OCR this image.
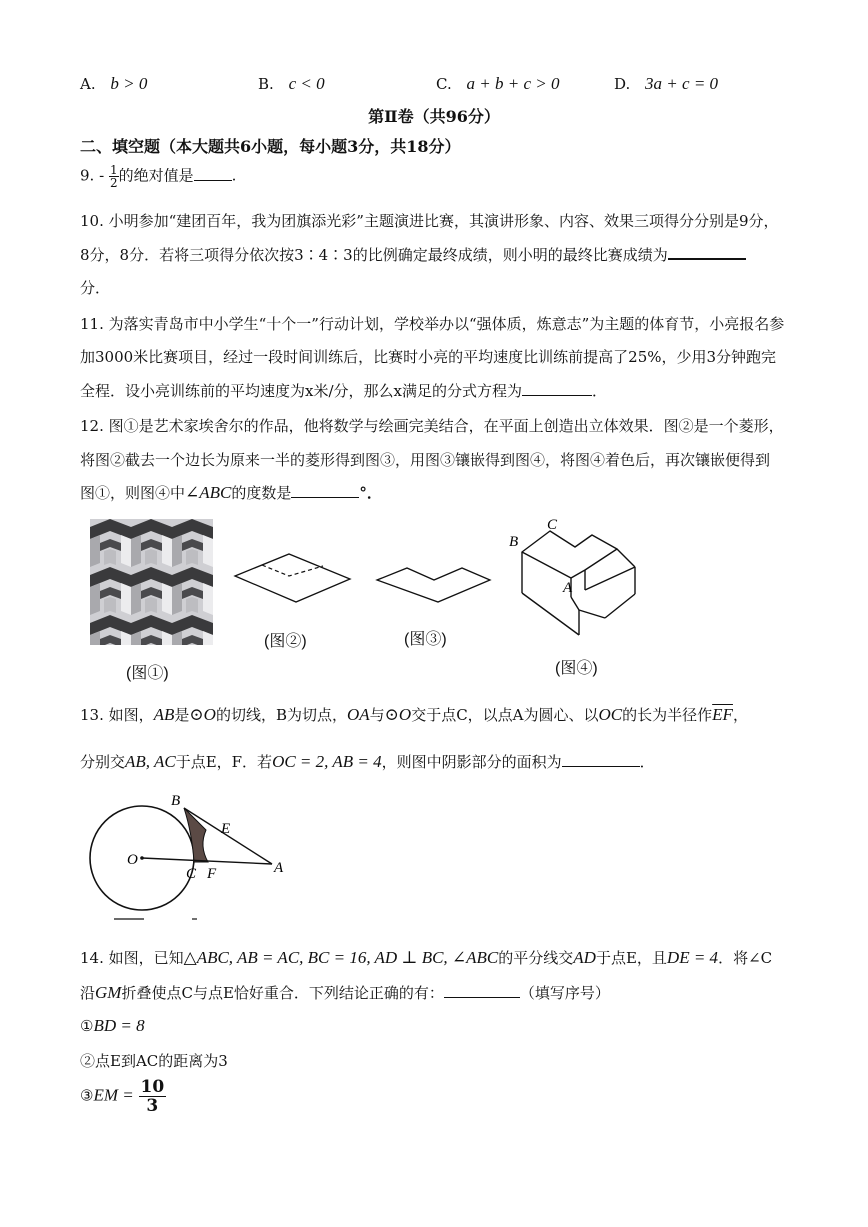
A. b > 0	B. c < 0	C. a + b + c > 0	D. 3a + c = 0
第Ⅱ卷（共96分）
二、填空题（本大题共6小题，每小题3分，共18分）
9. - $\frac{1}{2}$ 的绝对值是	.
10. 小明参加“建团百年，我为团旗添光彩”主题演进比赛，其演讲形象、内容、效果三项得分分别是9分，
8分，8分．若将三项得分依次按3∶4∶3的比例确定最终成绩，则小明的最终比赛成绩为
分．
11. 为落实青岛市中小学生“十个一”行动计划，学校举办以“强体质，炼意志”为主题的体育节，小亮报名参
加3000米比赛项目，经过一段时间训练后，比赛时小亮的平均速度比训练前提高了25%，少用3分钟跑完
全程．设小亮训练前的平均速度为x米/分，那么x满足的分式方程为	．
12. 图①是艺术家埃舍尔的作品，他将数学与绘画完美结合，在平面上创造出立体效果．图②是一个菱形，
将图②截去一个边长为原来一半的菱形得到图③，用图③镶嵌得到图④，将图④着色后，再次镶嵌便得到
图①，则图④中∠ABC的度数是	°．
(图①)
(图②)	(图③)
B
C
A
(图④)
13. 如图，AB是⊙O的切线，B为切点，OA与⊙O交于点C，以点A为圆心、以OC的长为半径作$\overline{EF}$，
分别交AB, AC于点E，F．若OC = 2, AB = 4，则图中阴影部分的面积为	．
O
B
E
C F	A
14. 如图，已知△ABC, AB = AC, BC = 16, AD ⊥ BC, ∠ABC的平分线交AD于点E，且DE = 4．将∠C
沿GM折叠使点C与点E恰好重合．下列结论正确的有：	（填写序号）
①BD = 8
②点E到AC的距离为3
③EM = $\frac{10}{3}$
